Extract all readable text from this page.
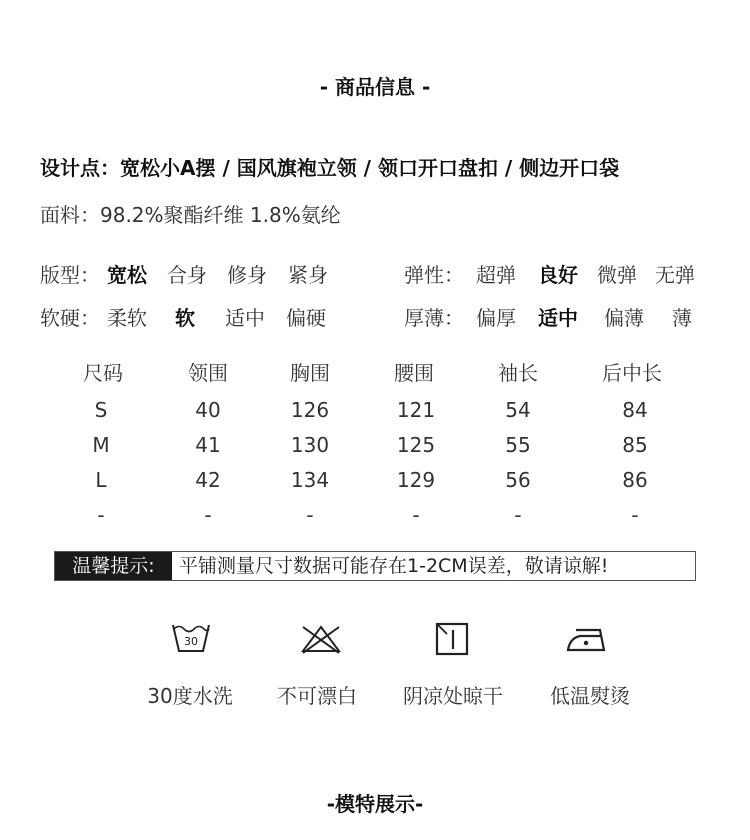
- 商品信息 -
设计点：宽松小A摆 / 国风旗袍立领 / 领口开口盘扣 / 侧边开口袋
面料：98.2%聚酯纤维 1.8%氨纶
版型： 宽松 合身 修身 紧身	弹性： 超弹 良好 微弹 无弹
软硬： 柔软 软 适中 偏硬	厚薄： 偏厚 适中 偏薄 薄
尺码	领围	胸围	腰围	袖长	后中长
S	40	126	121	54	84
M	41	130	125	55	85
L	42	134	129	56	86
-	-	-	-	-	-
温馨提示:	平铺测量尺寸数据可能存在1-2CM误差，敬请谅解!
30
30度水洗	不可漂白	阴凉处晾干	低温熨烫
-模特展示-
